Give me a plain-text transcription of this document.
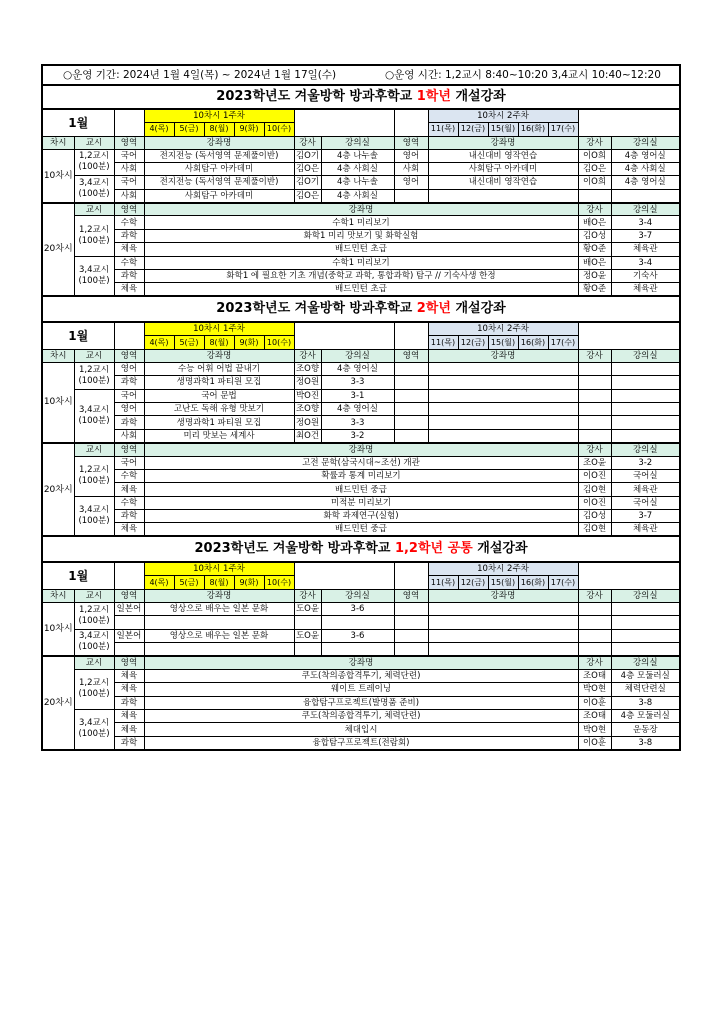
○운영 기간: 2024년 1월 4일(목) ~ 2024년 1월 17일(수) ○운영 시간: 1,2교시 8:40~10:20 3,4교시 10:40~12:20																	
2023학년도 겨울방학 방과후학교 1학년 개설강좌																	
1월			10차시 1주차								10차시 2주차						
			4(목)	5(금)	8(월)	9(화)	10(수)				11(목)	12(금)	15(월)	16(화)	17(수)		
차시	교시	영역	강좌명					강사	강의실	영역	강좌명					강사	강의실
10차시	1,2교시
(100분)	국어	전지전능 (독서영역 문제풀이반)					김O기	4층 나누솔	영어	내신대비 영작연습					이O희	4층 영어실
		사회	사회탐구 아카데미					김O은	4층 사회실	사회	사회탐구 아카데미					김O은	4층 사회실

	3,4교시
(100분)	국어	전지전능 (독서영역 문제풀이반)					김O기	4층 나누솔	영어	내신대비 영작연습					이O희	4층 영어실
		사회	사회탐구 아카데미					김O은	4층 사회실								
20차시	교시	영역	강좌명													강사	강의실

	1,2교시
(100분)	수학	수학1 미리보기													배O은	3-4
		과학	화학1 미리 맛보기 및 화학실험													김O성	3-7
		체육	배드민턴 초급													황O준	체육관

	3,4교시
(100분)	수학	수학1 미리보기													배O은	3-4
		과학	화학1 에 필요한 기초 개념(중학교 과학, 통합과학) 탐구 // 기숙사생 한정													정O윤	기숙사
		체육	배드민턴 초급													황O준	체육관
2023학년도 겨울방학 방과후학교 2학년 개설강좌																	
1월			10차시 1주차								10차시 2주차						
			4(목)	5(금)	8(월)	9(화)	10(수)				11(목)	12(금)	15(월)	16(화)	17(수)		
차시	교시	영역	강좌명					강사	강의실	영역	강좌명					강사	강의실
10차시	1,2교시
(100분)	영어	수능 어휘 어법 끝내기					조O향	4층 영어실								
		과학	생명과학1 파티원 모집					정O원	3-3								

	3,4교시
(100분)	국어	국어 문법					박O진	3-1								
		영어	고난도 독해 유형 맛보기					조O향	4층 영어실								
		과학	생명과학1 파티원 모집					정O원	3-3								
		사회	미리 맛보는 세계사					최O건	3-2								
20차시	교시	영역	강좌명													강사	강의실

	1,2교시
(100분)	국어	고전 문학(삼국시대~조선) 개관													조O윤	3-2
		수학	확률과 통계 미리보기													이O진	국어실
		체육	배드민턴 중급													김O현	체육관

	3,4교시
(100분)	수학	미적분 미리보기													이O진	국어실
		과학	화학 과제연구(실험)													김O성	3-7
		체육	배드민턴 중급													김O현	체육관
2023학년도 겨울방학 방과후학교 1,2학년 공통 개설강좌																	
1월			10차시 1주차								10차시 2주차						
			4(목)	5(금)	8(월)	9(화)	10(수)				11(목)	12(금)	15(월)	16(화)	17(수)		
차시	교시	영역	강좌명					강사	강의실	영역	강좌명					강사	강의실
10차시	1,2교시
(100분)	일본어	영상으로 배우는 일본 문화					도O윤	3-6								

	3,4교시
(100분)	일본어	영상으로 배우는 일본 문화					도O윤	3-6								

20차시	교시	영역	강좌명													강사	강의실

	1,2교시
(100분)	체육	쿠도(착의종합격투기, 체력단련)													조O태	4층 모둘러실
		체육	웨이트 트레이닝													박O현	체력단련실
		과학	융합탐구프로젝트(발명품 준비)													이O훈	3-8

	3,4교시
(100분)	체육	쿠도(착의종합격투기, 체력단련)													조O태	4층 모둘러실
		체육	체대입시													박O현	운동장
		과학	융합탐구프로젝트(전람회)													이O훈	3-8
